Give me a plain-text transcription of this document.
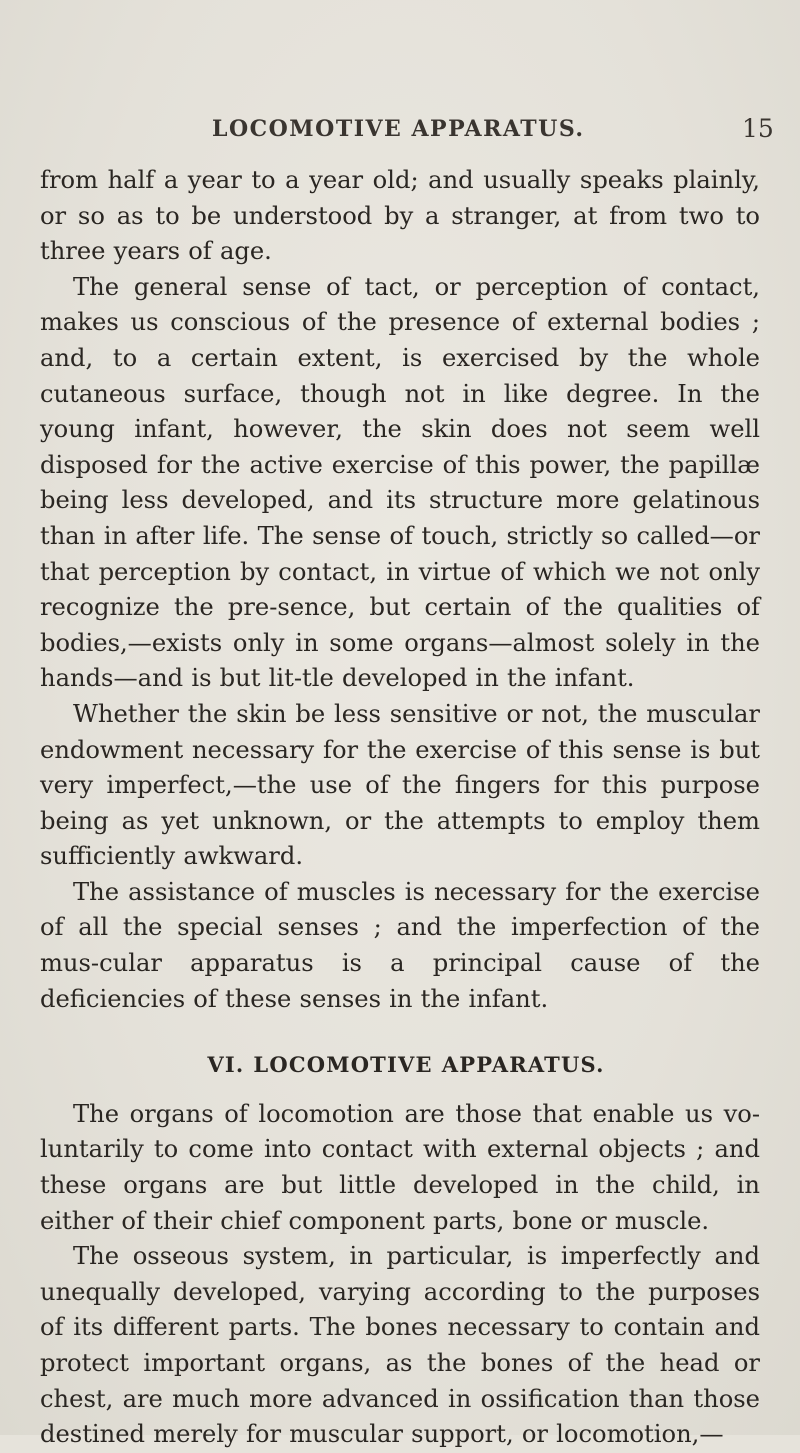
LOCOMOTIVE APPARATUS.	15

from half a year to a year old; and usually speaks plainly, or so as to be understood by a stranger, at from two to three years of age.

The general sense of tact, or perception of contact, makes us conscious of the presence of external bodies ; and, to a certain extent, is exercised by the whole cutaneous surface, though not in like degree. In the young infant, however, the skin does not seem well disposed for the active exercise of this power, the papillæ being less developed, and its structure more gelatinous than in after life. The sense of touch, strictly so called—or that perception by contact, in virtue of which we not only recognize the pre-sence, but certain of the qualities of bodies,—exists only in some organs—almost solely in the hands—and is but lit-tle developed in the infant.

Whether the skin be less sensitive or not, the muscular endowment necessary for the exercise of this sense is but very imperfect,—the use of the fingers for this purpose being as yet unknown, or the attempts to employ them sufficiently awkward.

The assistance of muscles is necessary for the exercise of all the special senses ; and the imperfection of the mus-cular apparatus is a principal cause of the deficiencies of these senses in the infant.

VI. LOCOMOTIVE APPARATUS.

The organs of locomotion are those that enable us vo-luntarily to come into contact with external objects ; and these organs are but little developed in the child, in either of their chief component parts, bone or muscle.

The osseous system, in particular, is imperfectly and unequally developed, varying according to the purposes of its different parts. The bones necessary to contain and protect important organs, as the bones of the head or chest, are much more advanced in ossification than those destined merely for muscular support, or locomotion,—
